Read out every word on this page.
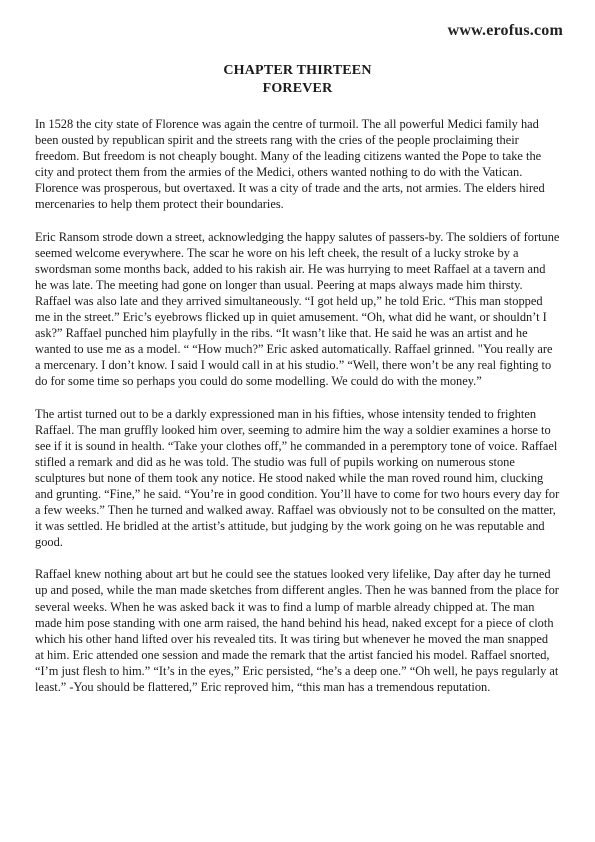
www.erofus.com
CHAPTER THIRTEEN
FOREVER

In 1528 the city state of Florence was again the centre of turmoil. The all powerful Medici family had been ousted by republican spirit and the streets rang with the cries of the people proclaiming their freedom. But freedom is not cheaply bought. Many of the leading citizens wanted the Pope to take the city and protect them from the armies of the Medici, others wanted nothing to do with the Vatican. Florence was prosperous, but overtaxed. It was a city of trade and the arts, not armies. The elders hired mercenaries to help them protect their boundaries.

Eric Ransom strode down a street, acknowledging the happy salutes of passers-by. The soldiers of fortune seemed welcome everywhere. The scar he wore on his left cheek, the result of a lucky stroke by a swordsman some months back, added to his rakish air. He was hurrying to meet Raffael at a tavern and he was late. The meeting had gone on longer than usual. Peering at maps always made him thirsty. Raffael was also late and they arrived simultaneously. “I got held up,” he told Eric. “This man stopped me in the street.” Eric’s eyebrows flicked up in quiet amusement. “Oh, what did he want, or shouldn’t I ask?” Raffael punched him playfully in the ribs. “It wasn’t like that. He said he was an artist and he wanted to use me as a model. “ “How much?” Eric asked automatically. Raffael grinned. "You really are a mercenary. I don’t know. I said I would call in at his studio.” “Well, there won’t be any real fighting to do for some time so perhaps you could do some modelling. We could do with the money.”

The artist turned out to be a darkly expressioned man in his fifties, whose intensity tended to frighten Raffael. The man gruffly looked him over, seeming to admire him the way a soldier examines a horse to see if it is sound in health. “Take your clothes off,” he commanded in a peremptory tone of voice. Raffael stifled a remark and did as he was told. The studio was full of pupils working on numerous stone sculptures but none of them took any notice. He stood naked while the man roved round him, clucking and grunting. “Fine,” he said. “You’re in good condition. You’ll have to come for two hours every day for a few weeks.” Then he turned and walked away. Raffael was obviously not to be consulted on the matter, it was settled. He bridled at the artist’s attitude, but judging by the work going on he was reputable and good.

Raffael knew nothing about art but he could see the statues looked very lifelike, Day after day he turned up and posed, while the man made sketches from different angles. Then he was banned from the place for several weeks. When he was asked back it was to find a lump of marble already chipped at. The man made him pose standing with one arm raised, the hand behind his head, naked except for a piece of cloth which his other hand lifted over his revealed tits. It was tiring but whenever he moved the man snapped at him. Eric attended one session and made the remark that the artist fancied his model. Raffael snorted, “I’m just flesh to him.” “It’s in the eyes,” Eric persisted, “he’s a deep one.” “Oh well, he pays regularly at least.” -You should be flattered,” Eric reproved him, “this man has a tremendous reputation.
